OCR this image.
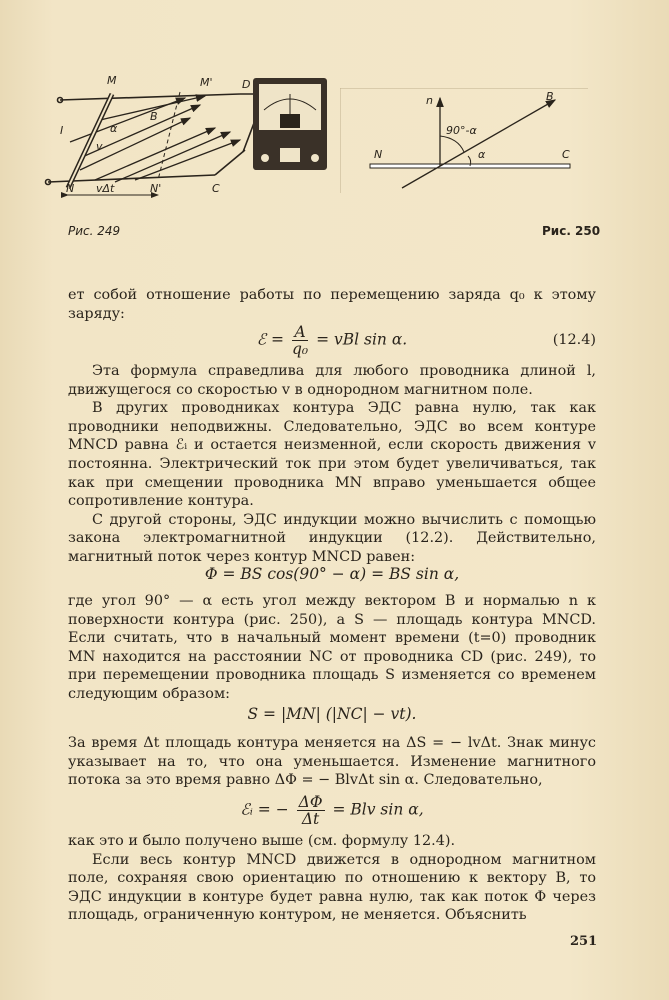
M	M'	D
I
B
v
α
N	N'	C
vΔt
n	B
90°-α
α
N	C
Рис. 249	Рис. 250

ет собой отношение работы по перемещению заряда q₀ к этому заряду:

ℰ = $\frac{A}{\text{q₀}}$ = vBl sin α.	(12.4)

Эта формула справедлива для любого проводника длиной l, движущегося со скоростью v в однородном магнитном поле.

В других проводниках контура ЭДС равна нулю, так как проводники неподвижны. Следовательно, ЭДС во всем контуре MNCD равна ℰᵢ и остается неизменной, если скорость движения v постоянна. Электрический ток при этом будет увеличиваться, так как при смещении проводника MN вправо уменьшается общее сопротивление контура.

С другой стороны, ЭДС индукции можно вычислить с помощью закона электромагнитной индукции (12.2). Действительно, магнитный поток через контур MNCD равен:

Φ = BS cos(90° − α) = BS sin α,

где угол 90° — α есть угол между вектором B и нормалью n к поверхности контура (рис. 250), а S — площадь контура MNCD. Если считать, что в начальный момент времени (t=0) проводник MN находится на расстоянии NC от проводника CD (рис. 249), то при перемещении проводника площадь S изменяется со временем следующим образом:

S = |MN| (|NC| − vt).

За время Δt площадь контура меняется на ΔS = − lvΔt. Знак минус указывает на то, что она уменьшается. Изменение магнитного потока за это время равно ΔΦ = − BlvΔt sin α. Следовательно,

ℰᵢ = − $\frac{\Delta\Phi}{\Delta t}$ = Blv sin α,

как это и было получено выше (см. формулу 12.4).

Если весь контур MNCD движется в однородном магнитном поле, сохраняя свою ориентацию по отношению к вектору B, то ЭДС индукции в контуре будет равна нулю, так как поток Φ через площадь, ограниченную контуром, не меняется. Объяснить

251
